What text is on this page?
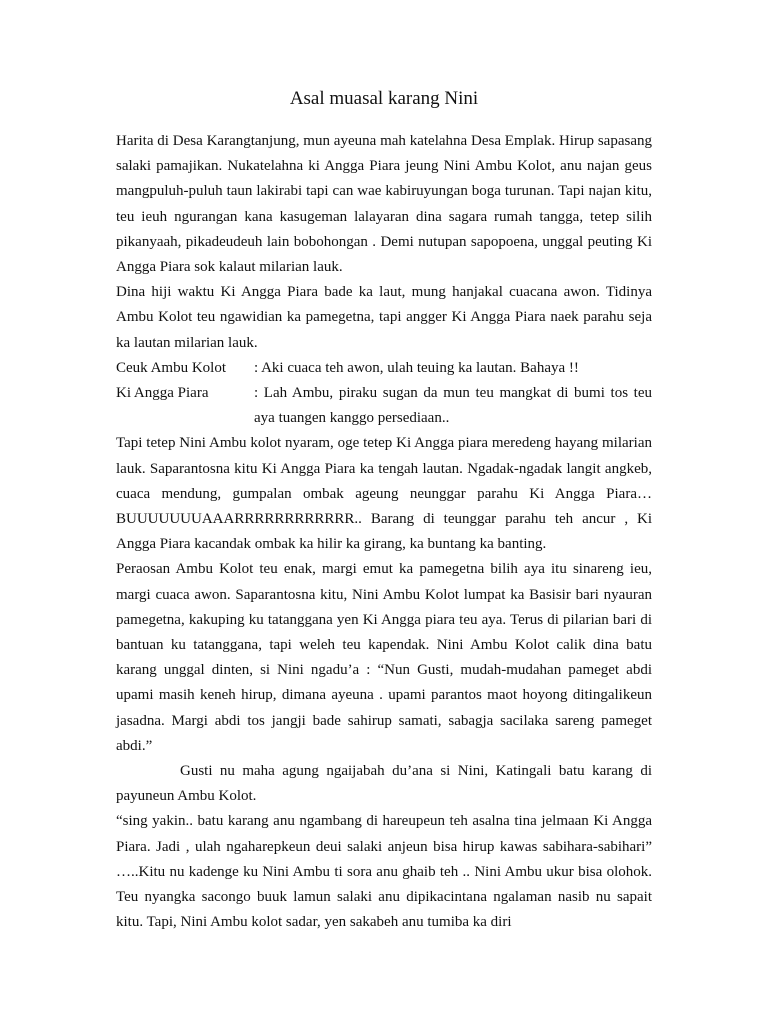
Asal muasal karang Nini

Harita di Desa Karangtanjung, mun ayeuna mah katelahna Desa Emplak. Hirup sapasang salaki pamajikan. Nukatelahna ki Angga Piara jeung Nini Ambu Kolot, anu najan geus mangpuluh-puluh taun lakirabi tapi can wae kabiruyungan boga turunan. Tapi najan kitu, teu ieuh ngurangan kana kasugeman lalayaran dina sagara rumah tangga, tetep silih pikanyaah, pikadeudeuh lain bobohongan . Demi nutupan sapopoena, unggal peuting Ki Angga Piara sok kalaut milarian lauk.

Dina hiji waktu Ki Angga Piara bade ka laut, mung hanjakal cuacana awon. Tidinya Ambu Kolot teu ngawidian ka pamegetna, tapi angger Ki Angga Piara naek parahu seja ka lautan milarian lauk.

Ceuk Ambu Kolot	: Aki cuaca teh awon, ulah teuing ka lautan. Bahaya !!
Ki Angga Piara	: Lah Ambu, piraku sugan da mun teu mangkat di bumi tos teu aya tuangen kanggo persediaan..

Tapi tetep Nini Ambu kolot nyaram, oge tetep Ki Angga piara meredeng hayang milarian lauk. Saparantosna kitu Ki Angga Piara ka tengah lautan. Ngadak-ngadak langit angkeb, cuaca mendung, gumpalan ombak ageung neunggar parahu Ki Angga Piara… BUUUUUUUAAARRRRRRRRRRRR.. Barang di teunggar parahu teh ancur , Ki Angga Piara kacandak ombak ka hilir ka girang, ka buntang ka banting.

Peraosan Ambu Kolot teu enak, margi emut ka pamegetna bilih aya itu sinareng ieu, margi cuaca awon. Saparantosna kitu, Nini Ambu Kolot lumpat ka Basisir bari nyauran pamegetna, kakuping ku tatanggana yen Ki Angga piara teu aya. Terus di pilarian bari di bantuan ku tatanggana, tapi weleh teu kapendak. Nini Ambu Kolot calik dina batu karang unggal dinten, si Nini ngadu’a : “Nun Gusti, mudah-mudahan pameget abdi upami masih keneh hirup, dimana ayeuna . upami parantos maot hoyong ditingalikeun jasadna. Margi abdi tos jangji bade sahirup samati, sabagja sacilaka sareng pameget abdi.”

Gusti nu maha agung ngaijabah du’ana si Nini, Katingali batu karang di payuneun Ambu Kolot.

“sing yakin.. batu karang anu ngambang di hareupeun teh asalna tina jelmaan Ki Angga Piara. Jadi , ulah ngaharepkeun deui salaki anjeun bisa hirup kawas sabihara-sabihari” …..Kitu nu kadenge ku Nini Ambu ti sora anu ghaib teh .. Nini Ambu ukur bisa olohok. Teu nyangka sacongo buuk lamun salaki anu dipikacintana ngalaman nasib nu sapait kitu. Tapi, Nini Ambu kolot sadar, yen sakabeh anu tumiba ka diri
